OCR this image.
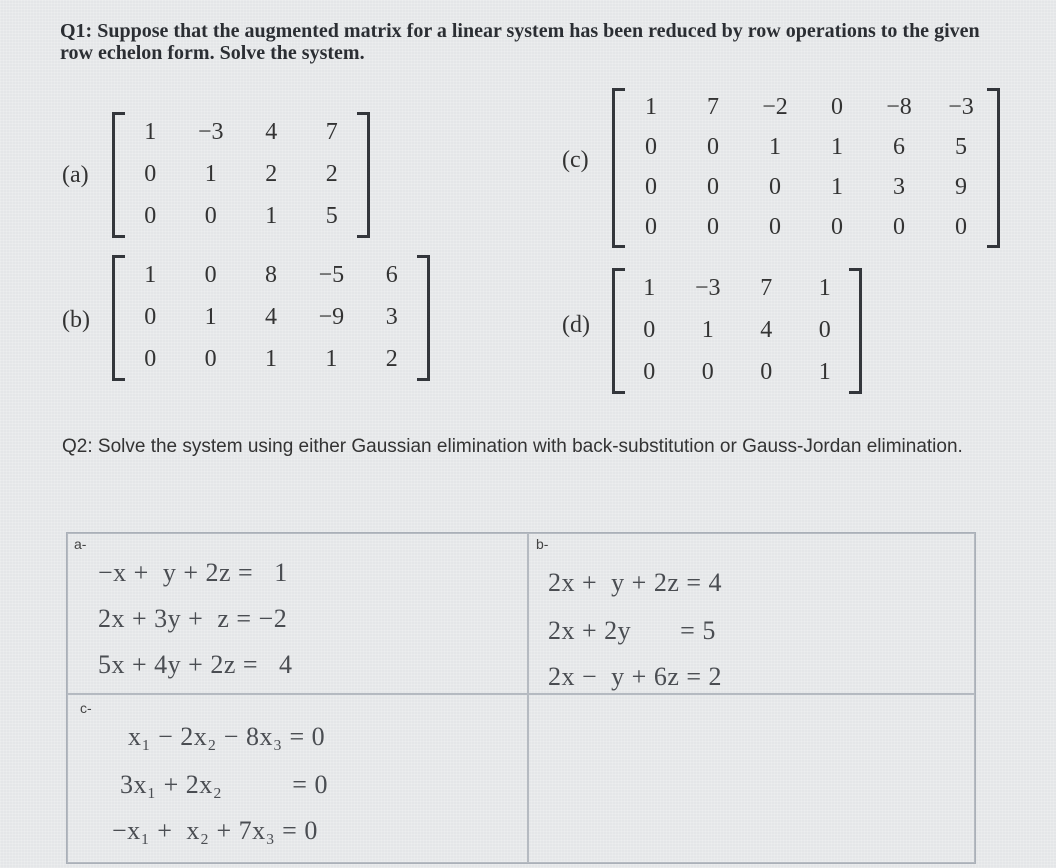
Q1: Suppose that the augmented matrix for a linear system has been reduced by row operations to the given
row echelon form. Solve the system.
(a)
1	−3	4	7
0	1	2	2
0	0	1	5
(b)
1	0	8	−5	6
0	1	4	−9	3
0	0	1	1	2
(c)
1	7	−2	0	−8	−3
0	0	1	1	6	5
0	0	0	1	3	9
0	0	0	0	0	0
(d)
1	−3	7	1
0	1	4	0
0	0	0	1
Q2: Solve the system using either Gaussian elimination with back-substitution or Gauss-Jordan elimination.
a-
−x +  y + 2z =   1
2x + 3y +  z = −2
5x + 4y + 2z =   4
b-
2x +  y + 2z = 4
2x + 2y       = 5
2x −  y + 6z = 2
c-
x₁ − 2x₂ − 8x₃ = 0
3x₁ + 2x₂          = 0
−x₁ +  x₂ + 7x₃ = 0
